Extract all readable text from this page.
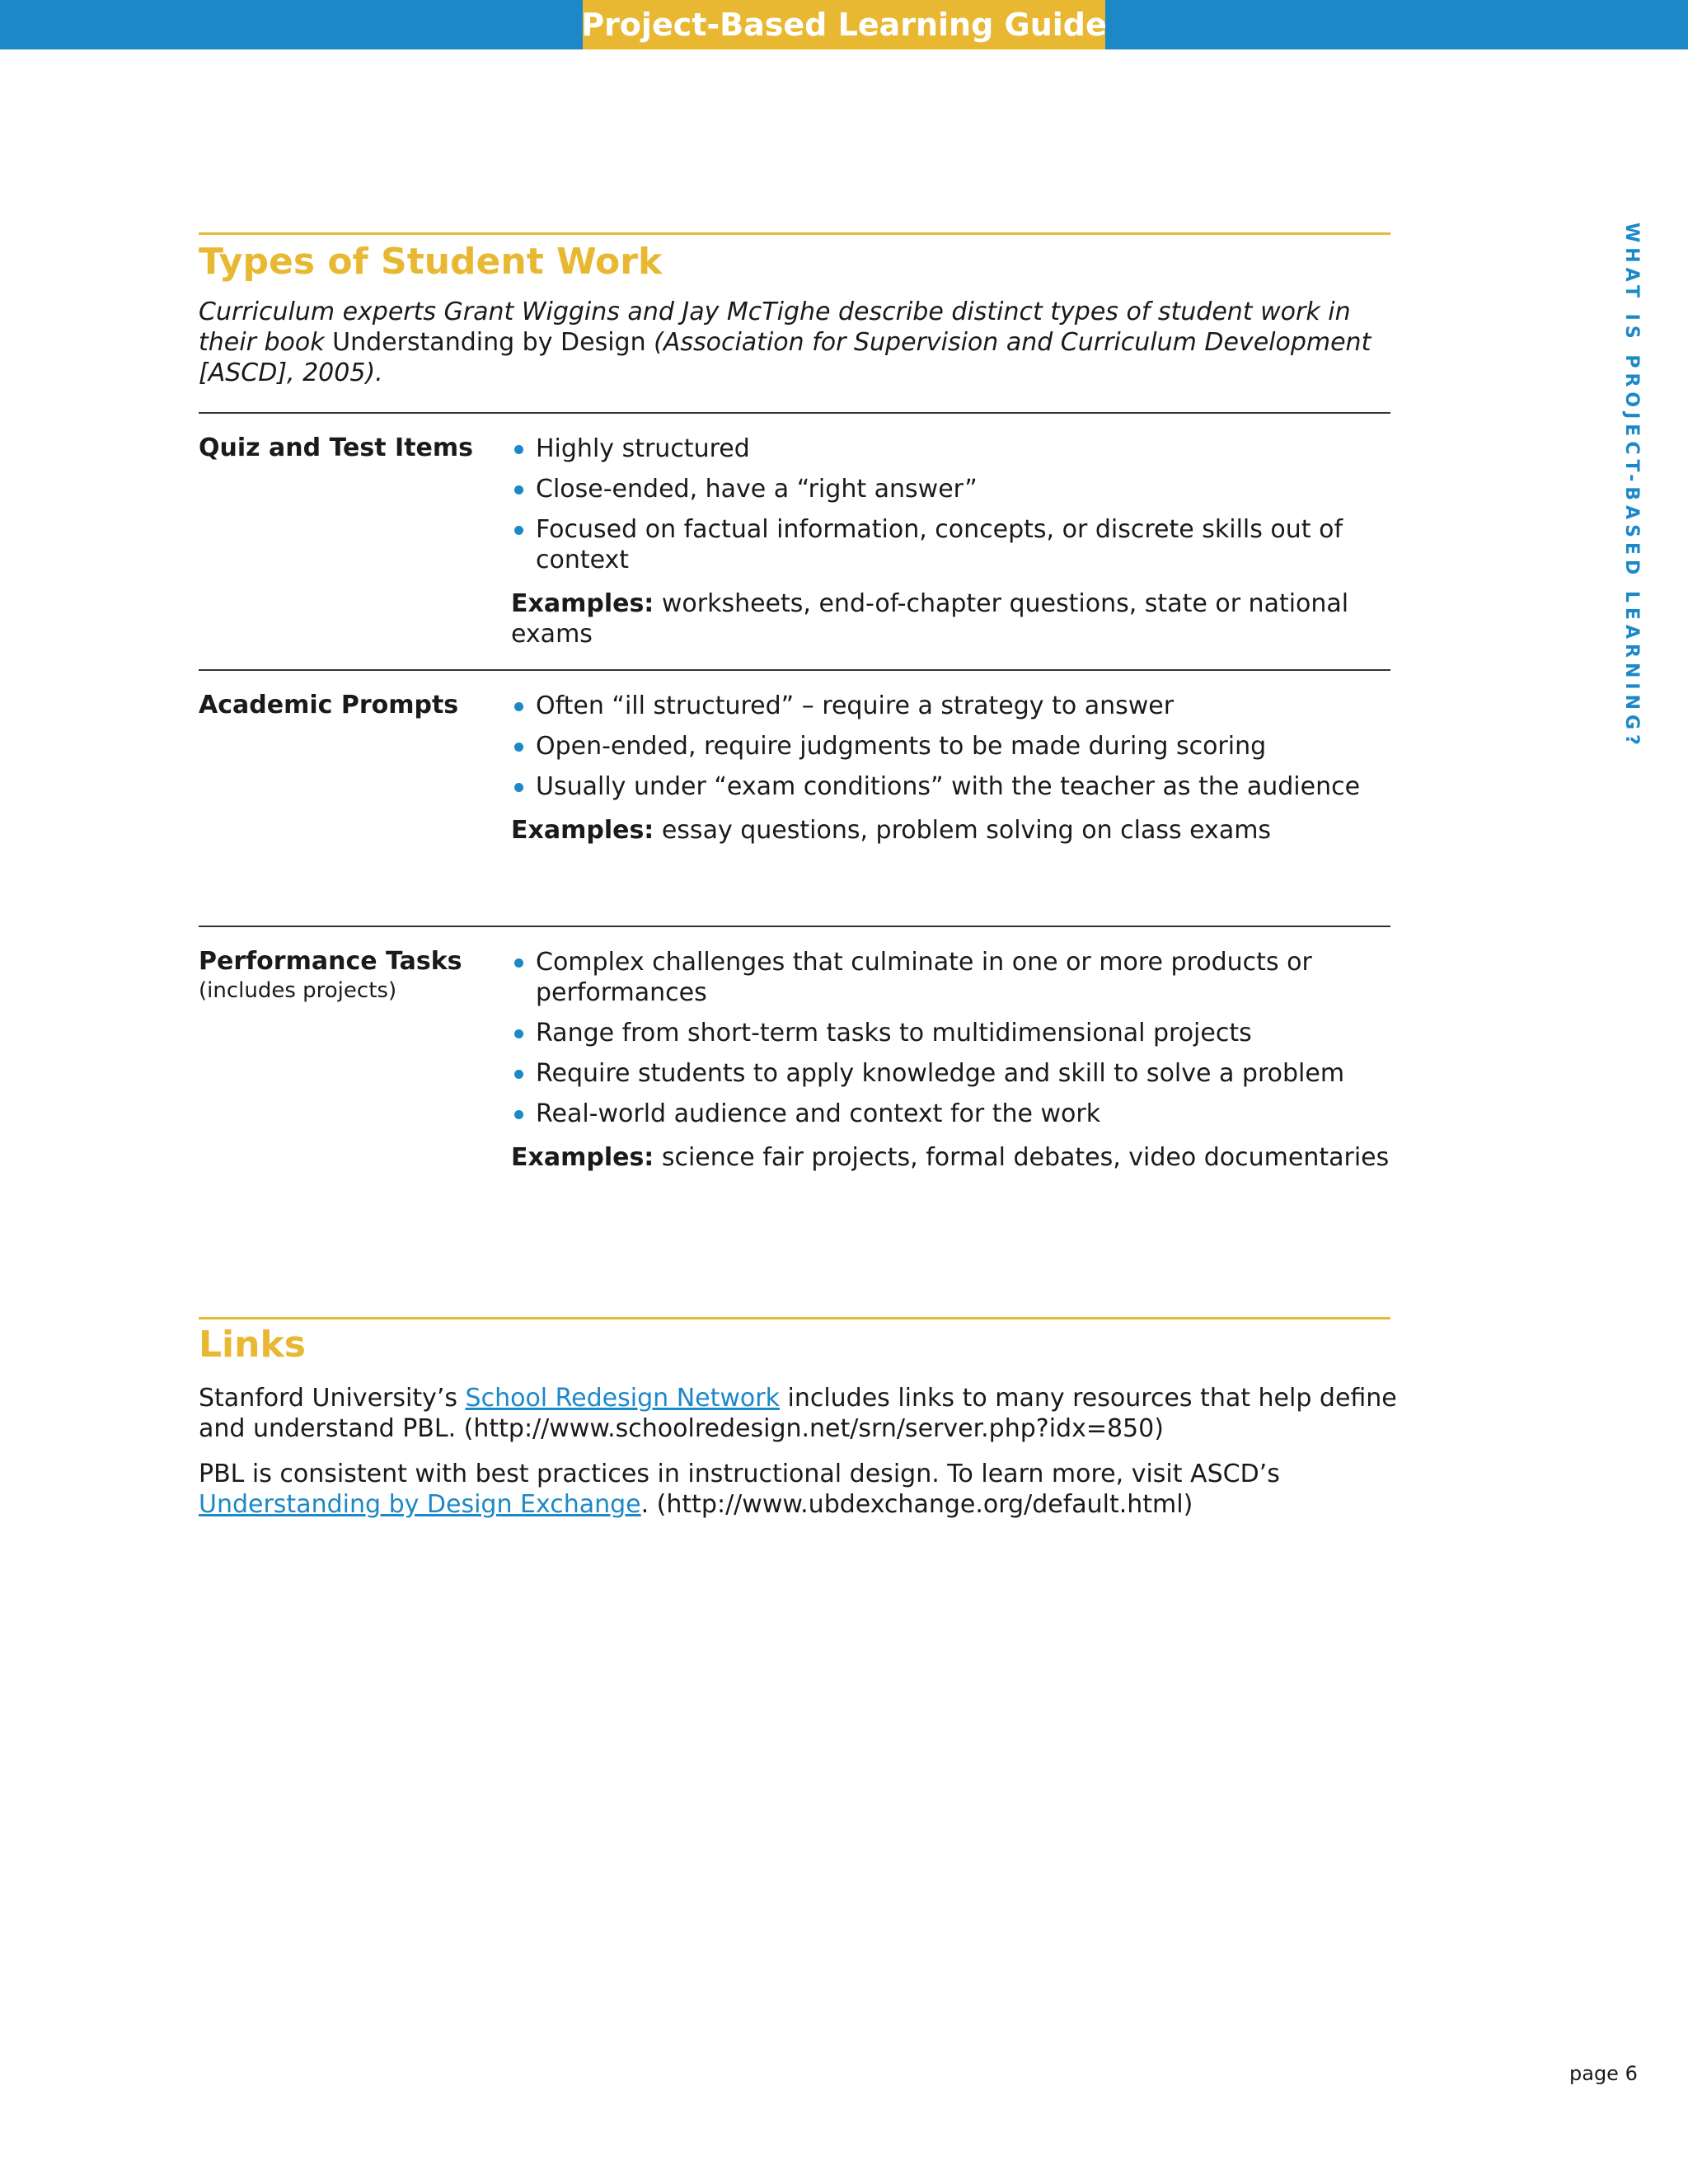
Project-Based Learning Guide
WHAT IS PROJECT-BASED LEARNING?
Types of Student Work
Curriculum experts Grant Wiggins and Jay McTighe describe distinct types of student work in their book Understanding by Design (Association for Supervision and Curriculum Development [ASCD], 2005).
Quiz and Test Items	Highly structured
Close-ended, have a “right answer”
Focused on factual information, concepts, or discrete skills out of context
Examples: worksheets, end-of-chapter questions, state or national exams
Academic Prompts	Often “ill structured” – require a strategy to answer
Open-ended, require judgments to be made during scoring
Usually under “exam conditions” with the teacher as the audience
Examples: essay questions, problem solving on class exams
Performance Tasks
(includes projects)
Complex challenges that culminate in one or more products or performances
Range from short-term tasks to multidimensional projects
Require students to apply knowledge and skill to solve a problem
Real-world audience and context for the work
Examples: science fair projects, formal debates, video documentaries
Links
Stanford University’s School Redesign Network includes links to many resources that help define and understand PBL. (http://www.schoolredesign.net/srn/server.php?idx=850)
PBL is consistent with best practices in instructional design. To learn more, visit ASCD’s Understanding by Design Exchange. (http://www.ubdexchange.org/default.html)
page 6
